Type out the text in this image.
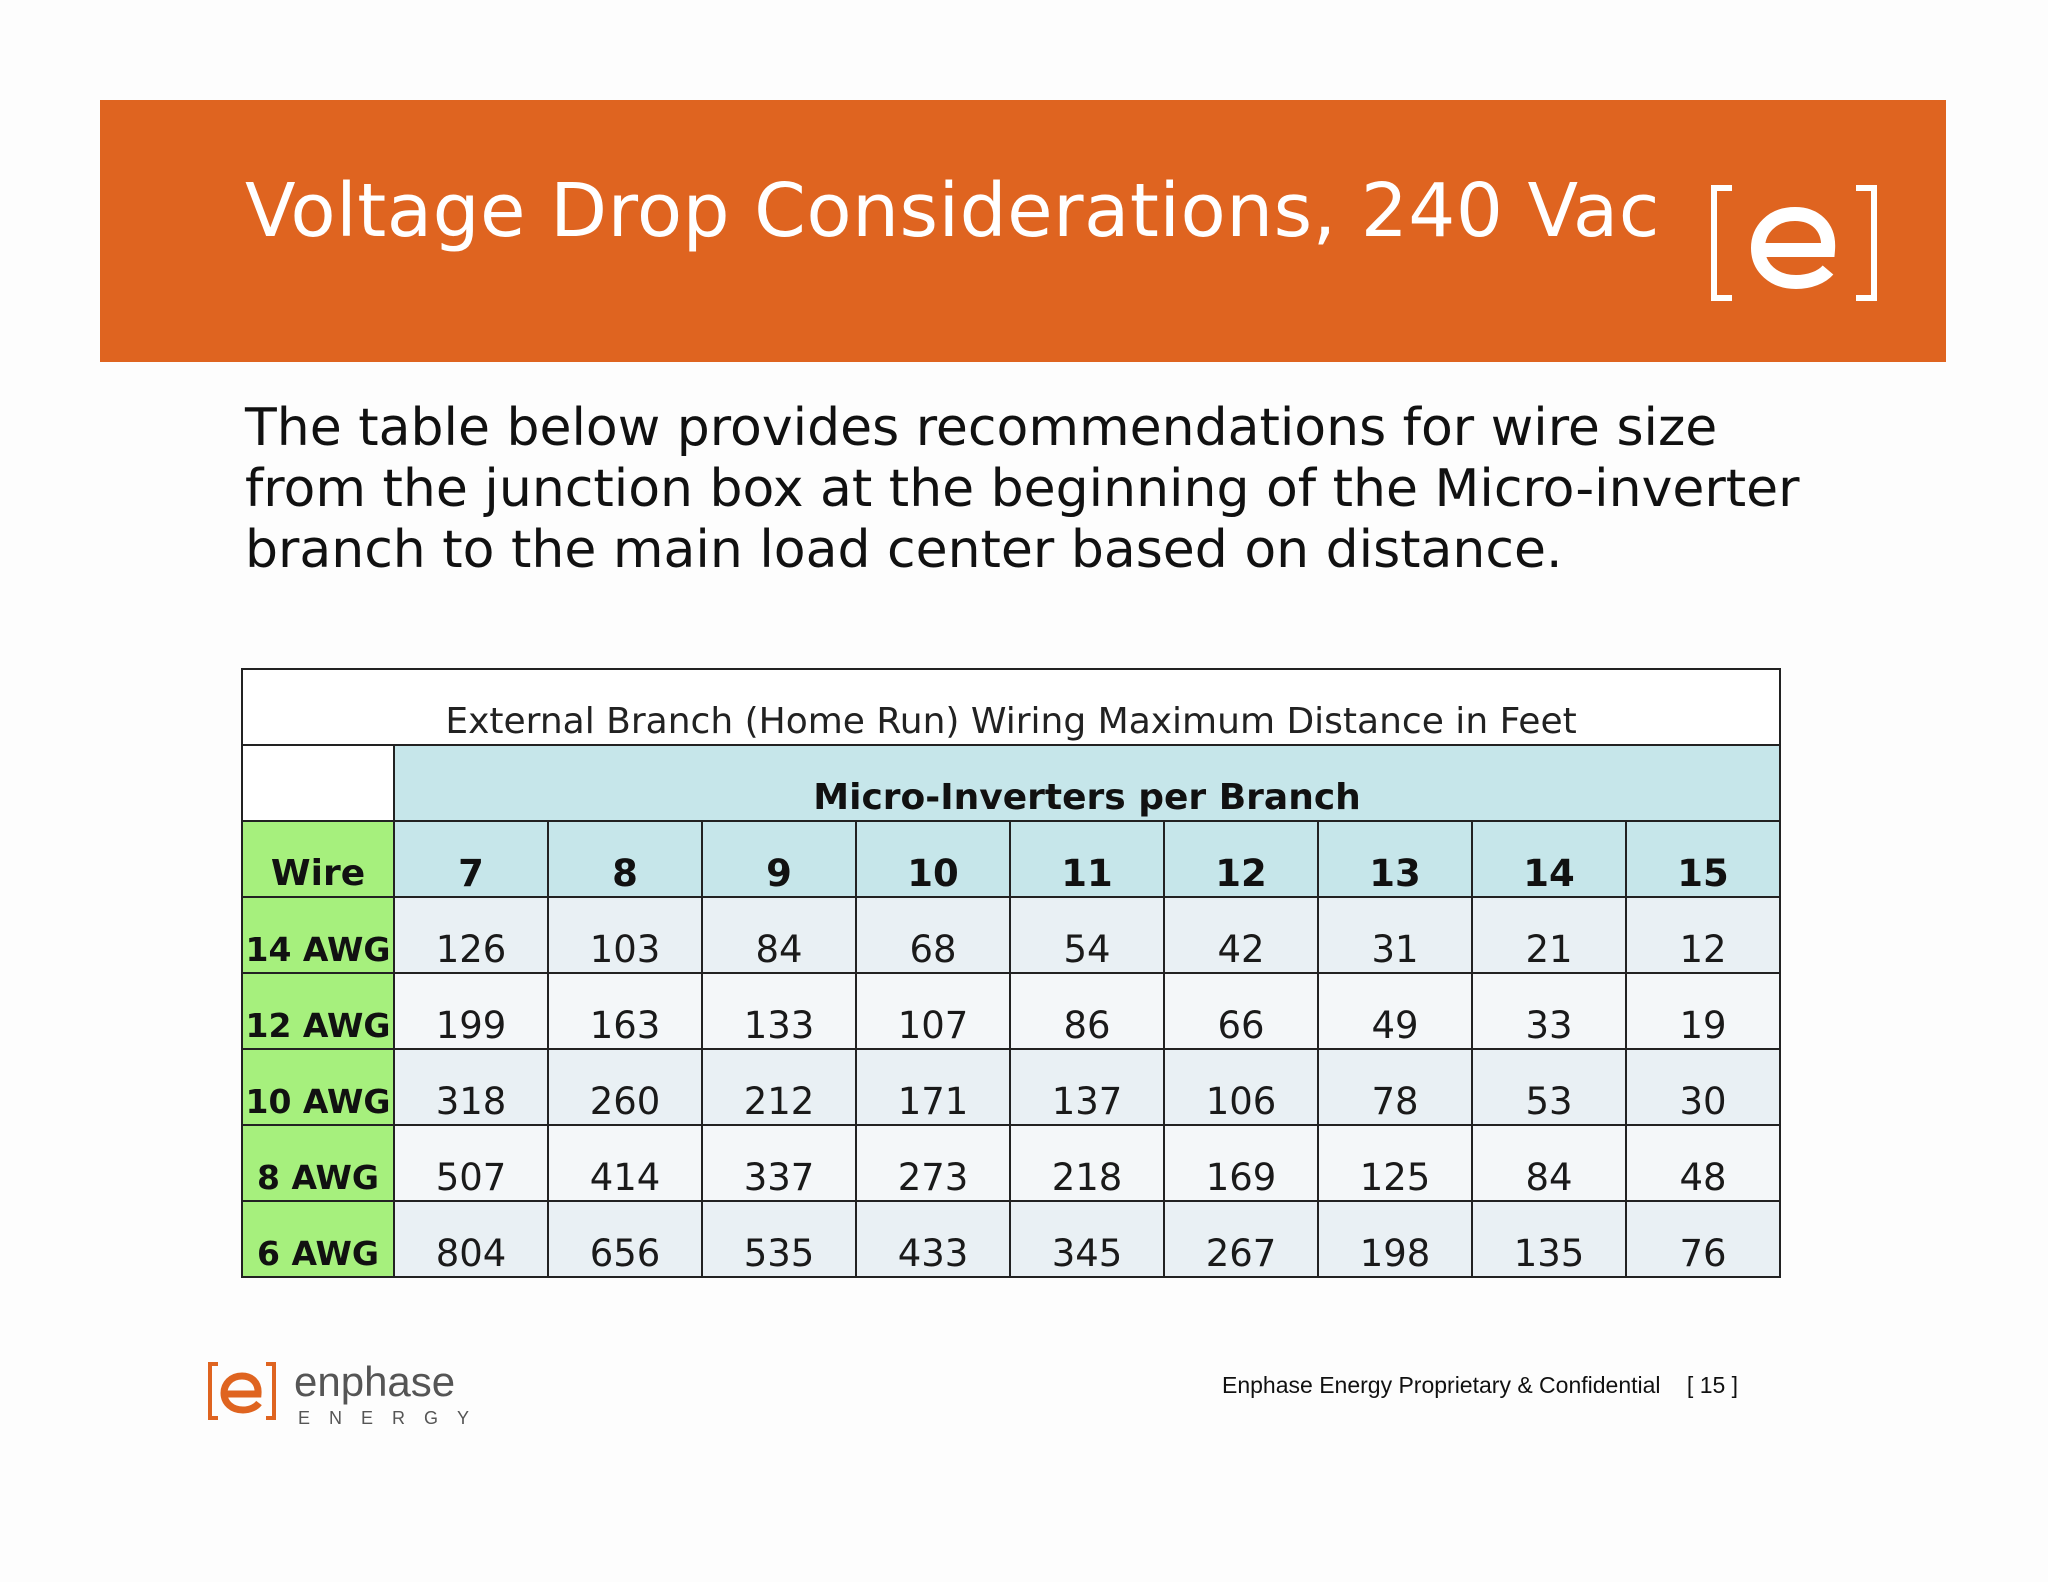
Voltage Drop Considerations, 240 Vac
The table below provides recommendations for wire size
from the junction box at the beginning of the Micro-inverter
branch to the main load center based on distance.
External Branch (Home Run) Wiring Maximum Distance in Feet									
	Micro-Inverters per Branch								
Wire	7	8	9	10	11	12	13	14	15
14 AWG	126	103	84	68	54	42	31	21	12
12 AWG	199	163	133	107	86	66	49	33	19
10 AWG	318	260	212	171	137	106	78	53	30
8 AWG	507	414	337	273	218	169	125	84	48
6 AWG	804	656	535	433	345	267	198	135	76
enphase
ENERGY
Enphase Energy Proprietary & Confidential [ 15 ]
